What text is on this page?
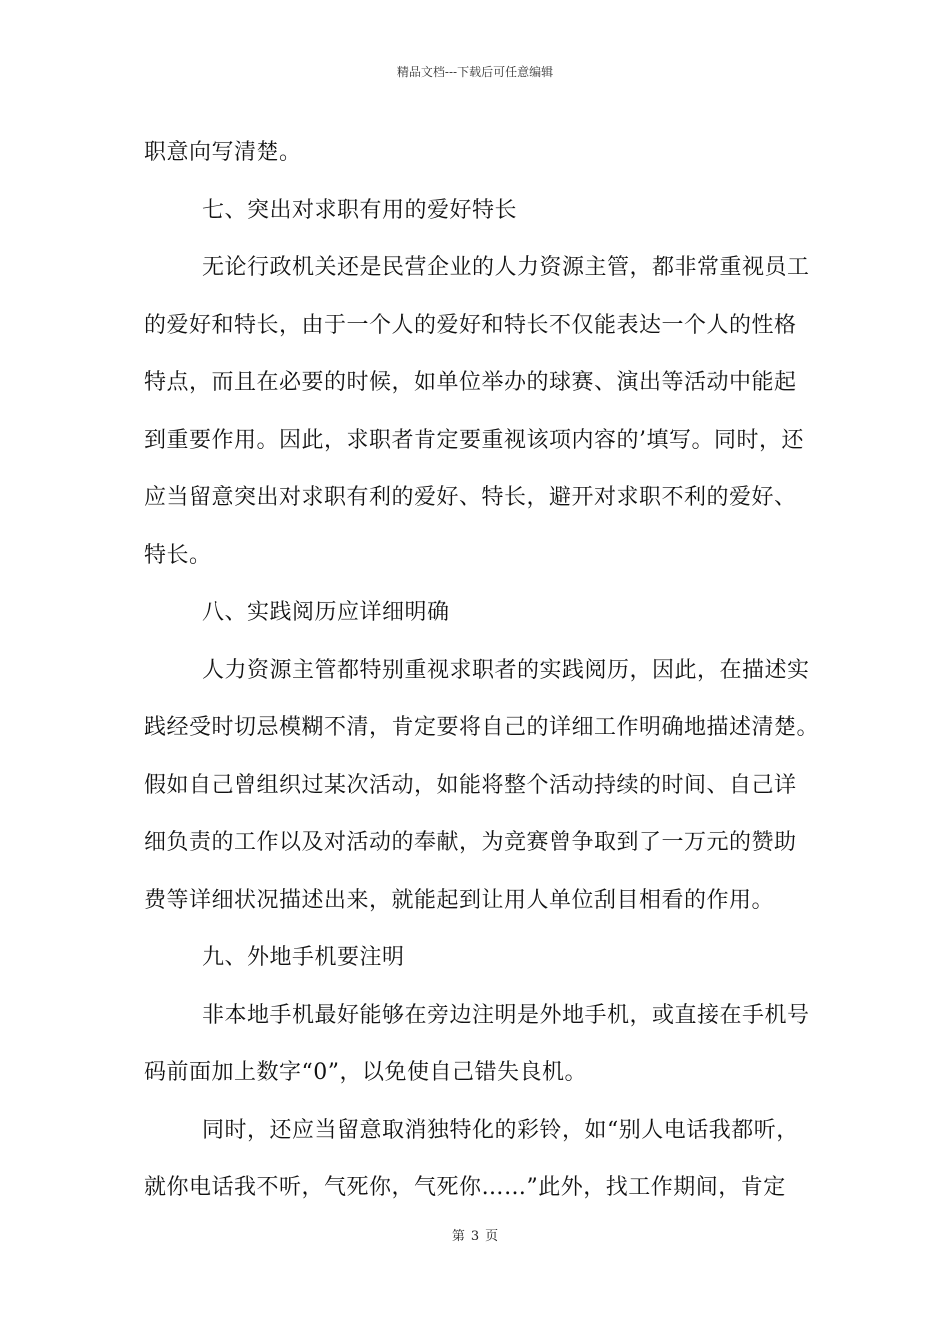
精品文档---下载后可任意编辑
职意向写清楚。
七、突出对求职有用的爱好特长
无论行政机关还是民营企业的人力资源主管，都非常重视员工
的爱好和特长，由于一个人的爱好和特长不仅能表达一个人的性格
特点，而且在必要的时候，如单位举办的球赛、演出等活动中能起
到重要作用。因此，求职者肯定要重视该项内容的’填写。同时，还
应当留意突出对求职有利的爱好、特长，避开对求职不利的爱好、
特长。
八、实践阅历应详细明确
人力资源主管都特别重视求职者的实践阅历，因此，在描述实
践经受时切忌模糊不清，肯定要将自己的详细工作明确地描述清楚。
假如自己曾组织过某次活动，如能将整个活动持续的时间、自己详
细负责的工作以及对活动的奉献，为竞赛曾争取到了一万元的赞助
费等详细状况描述出来，就能起到让用人单位刮目相看的作用。
九、外地手机要注明
非本地手机最好能够在旁边注明是外地手机，或直接在手机号
码前面加上数字“0”，以免使自己错失良机。
同时，还应当留意取消独特化的彩铃，如“别人电话我都听，
就你电话我不听，气死你，气死你……”此外，找工作期间，肯定
第 3 页
